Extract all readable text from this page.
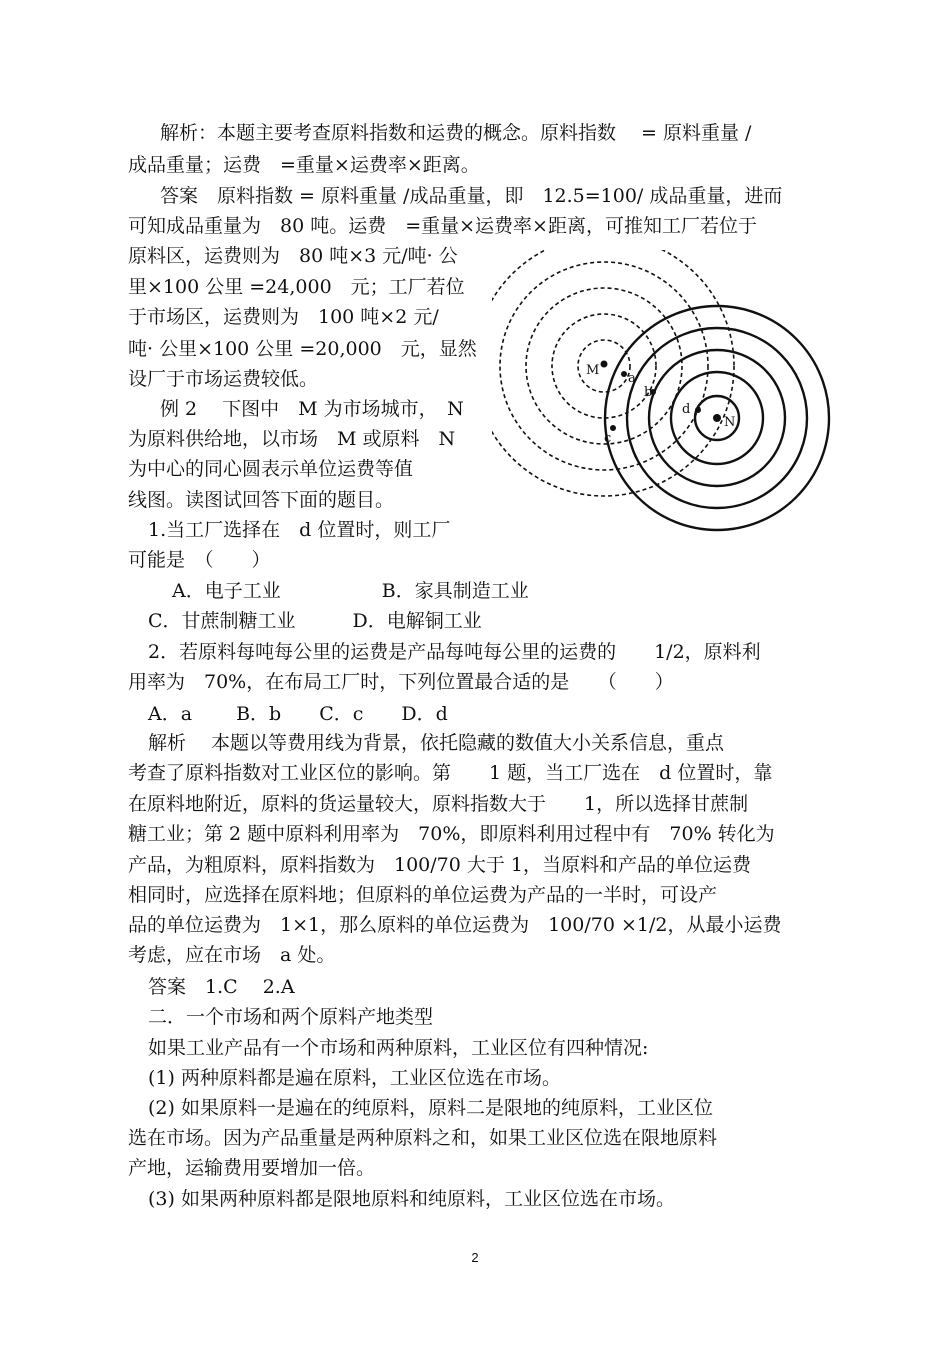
解析：本题主要考查原料指数和运费的概念。原料指数　 = 原料重量 /
成品重量；运费　=重量×运费率×距离。
答案　原料指数 = 原料重量 /成品重量，即　12.5=100/ 成品重量，进而
可知成品重量为　80 吨。运费　=重量×运费率×距离，可推知工厂若位于
原料区，运费则为　80 吨×3 元/吨· 公
里×100 公里 =24,000　元；工厂若位
于市场区，运费则为　100 吨×2 元/
吨· 公里×100 公里 =20,000　元，显然
设厂于市场运费较低。
例 2　 下图中　M 为市场城市，　N
为原料供给地，以市场　M 或原料　N
为中心的同心圆表示单位运费等值
线图。读图试回答下面的题目。
1.当工厂选择在　d 位置时，则工厂
可能是　（　　）
A．电子工业　　　　　 B．家具制造工业
C．甘蔗制糖工业　　　D．电解铜工业
2．若原料每吨每公里的运费是产品每吨每公里的运费的　　1/2，原料利
用率为　70%，在布局工厂时，下列位置最合适的是　　（　　）
A．a　　 B．b　　C．c　　D．d
解析　 本题以等费用线为背景，依托隐藏的数值大小关系信息，重点
考查了原料指数对工业区位的影响。第　　1 题，当工厂选在　d 位置时，靠
在原料地附近，原料的货运量较大，原料指数大于　　1，所以选择甘蔗制
糖工业；第 2 题中原料利用率为　70%，即原料利用过程中有　70% 转化为
产品，为粗原料，原料指数为　100/70 大于 1，当原料和产品的单位运费
相同时，应选择在原料地；但原料的单位运费为产品的一半时，可设产
品的单位运费为　1×1，那么原料的单位运费为　100/70 ×1/2，从最小运费
考虑，应在市场　a 处。
答案　1.C　 2.A
二．一个市场和两个原料产地类型
如果工业产品有一个市场和两种原料，工业区位有四种情况:
(1) 两种原料都是遍在原料，工业区位选在市场。
(2) 如果原料一是遍在的纯原料，原料二是限地的纯原料，工业区位
选在市场。因为产品重量是两种原料之和，如果工业区位选在限地原料
产地，运输费用要增加一倍。
(3) 如果两种原料都是限地原料和纯原料，工业区位选在市场。
M
N
a
b
c
d
2
